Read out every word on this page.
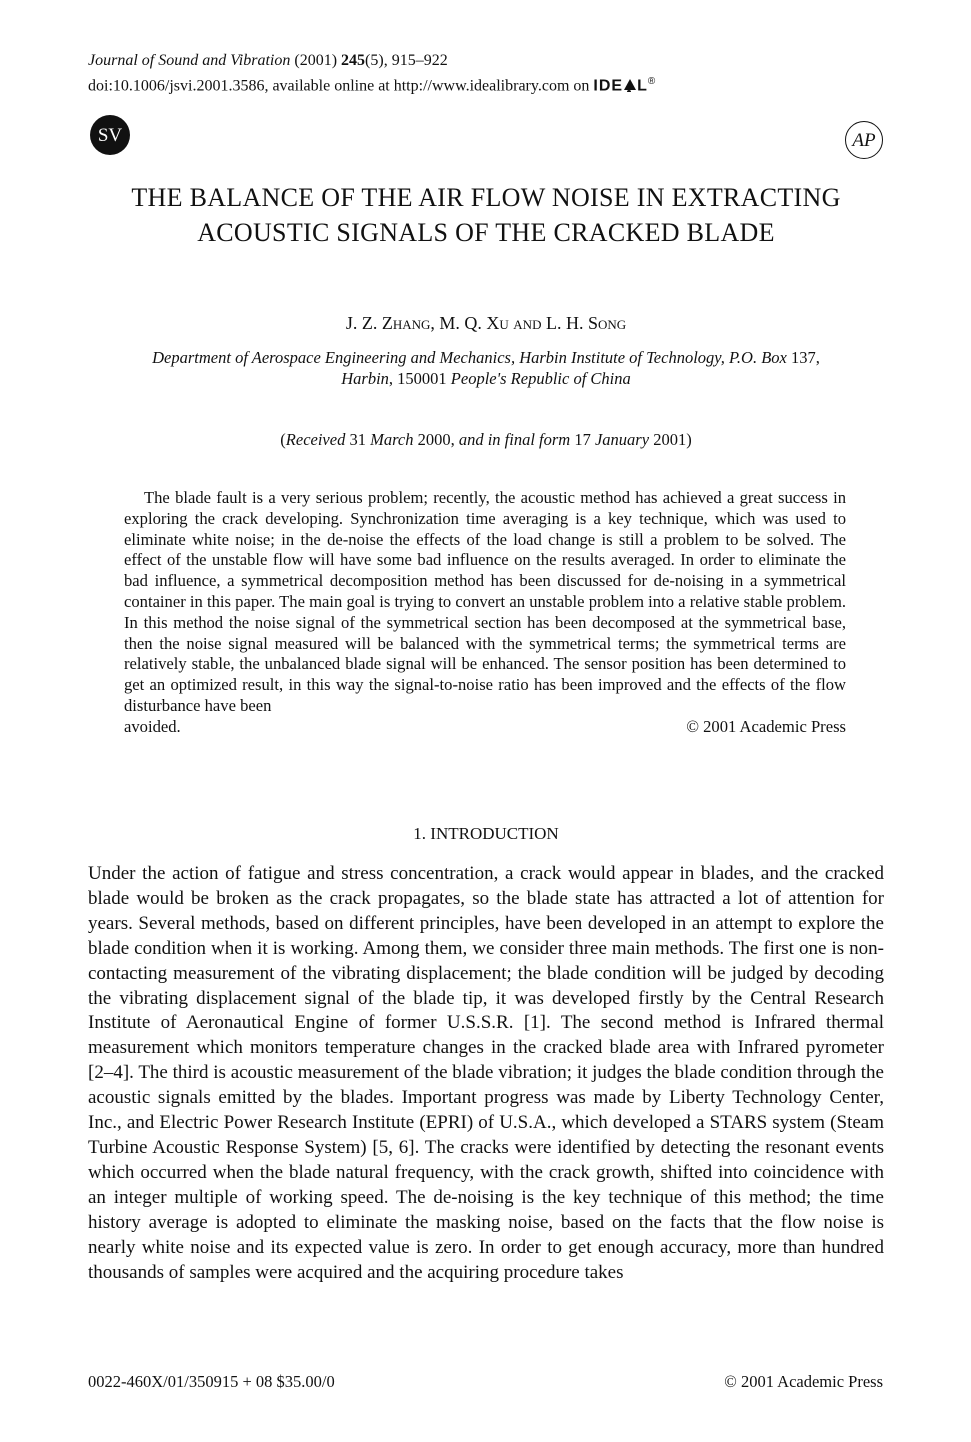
Journal of Sound and Vibration (2001) 245(5), 915–922
doi:10.1006/jsvi.2001.3586, available online at http://www.idealibrary.com on IDE L®
SV	AP
THE BALANCE OF THE AIR FLOW NOISE IN EXTRACTING ACOUSTIC SIGNALS OF THE CRACKED BLADE
J. Z. Zhang, M. Q. Xu and L. H. Song
Department of Aerospace Engineering and Mechanics, Harbin Institute of Technology, P.O. Box 137,
Harbin, 150001 People's Republic of China
(Received 31 March 2000, and in final form 17 January 2001)
The blade fault is a very serious problem; recently, the acoustic method has achieved a great success in exploring the crack developing. Synchronization time averaging is a key technique, which was used to eliminate white noise; in the de-noise the effects of the load change is still a problem to be solved. The effect of the unstable flow will have some bad influence on the results averaged. In order to eliminate the bad influence, a symmetrical decomposition method has been discussed for de-noising in a symmetrical container in this paper. The main goal is trying to convert an unstable problem into a relative stable problem. In this method the noise signal of the symmetrical section has been decomposed at the symmetrical base, then the noise signal measured will be balanced with the symmetrical terms; the symmetrical terms are relatively stable, the unbalanced blade signal will be enhanced. The sensor position has been determined to get an optimized result, in this way the signal-to-noise ratio has been improved and the effects of the flow disturbance have been
avoided.	© 2001 Academic Press
1. INTRODUCTION
Under the action of fatigue and stress concentration, a crack would appear in blades, and the cracked blade would be broken as the crack propagates, so the blade state has attracted a lot of attention for years. Several methods, based on different principles, have been developed in an attempt to explore the blade condition when it is working. Among them, we consider three main methods. The first one is non-contacting measurement of the vibrating displacement; the blade condition will be judged by decoding the vibrating displacement signal of the blade tip, it was developed firstly by the Central Research Institute of Aeronautical Engine of former U.S.S.R. [1]. The second method is Infrared thermal measurement which monitors temperature changes in the cracked blade area with Infrared pyrometer [2–4]. The third is acoustic measurement of the blade vibration; it judges the blade condition through the acoustic signals emitted by the blades. Important progress was made by Liberty Technology Center, Inc., and Electric Power Research Institute (EPRI) of U.S.A., which developed a STARS system (Steam Turbine Acoustic Response System) [5, 6]. The cracks were identified by detecting the resonant events which occurred when the blade natural frequency, with the crack growth, shifted into coincidence with an integer multiple of working speed. The de-noising is the key technique of this method; the time history average is adopted to eliminate the masking noise, based on the facts that the flow noise is nearly white noise and its expected value is zero. In order to get enough accuracy, more than hundred thousands of samples were acquired and the acquiring procedure takes
0022-460X/01/350915 + 08 $35.00/0	© 2001 Academic Press
